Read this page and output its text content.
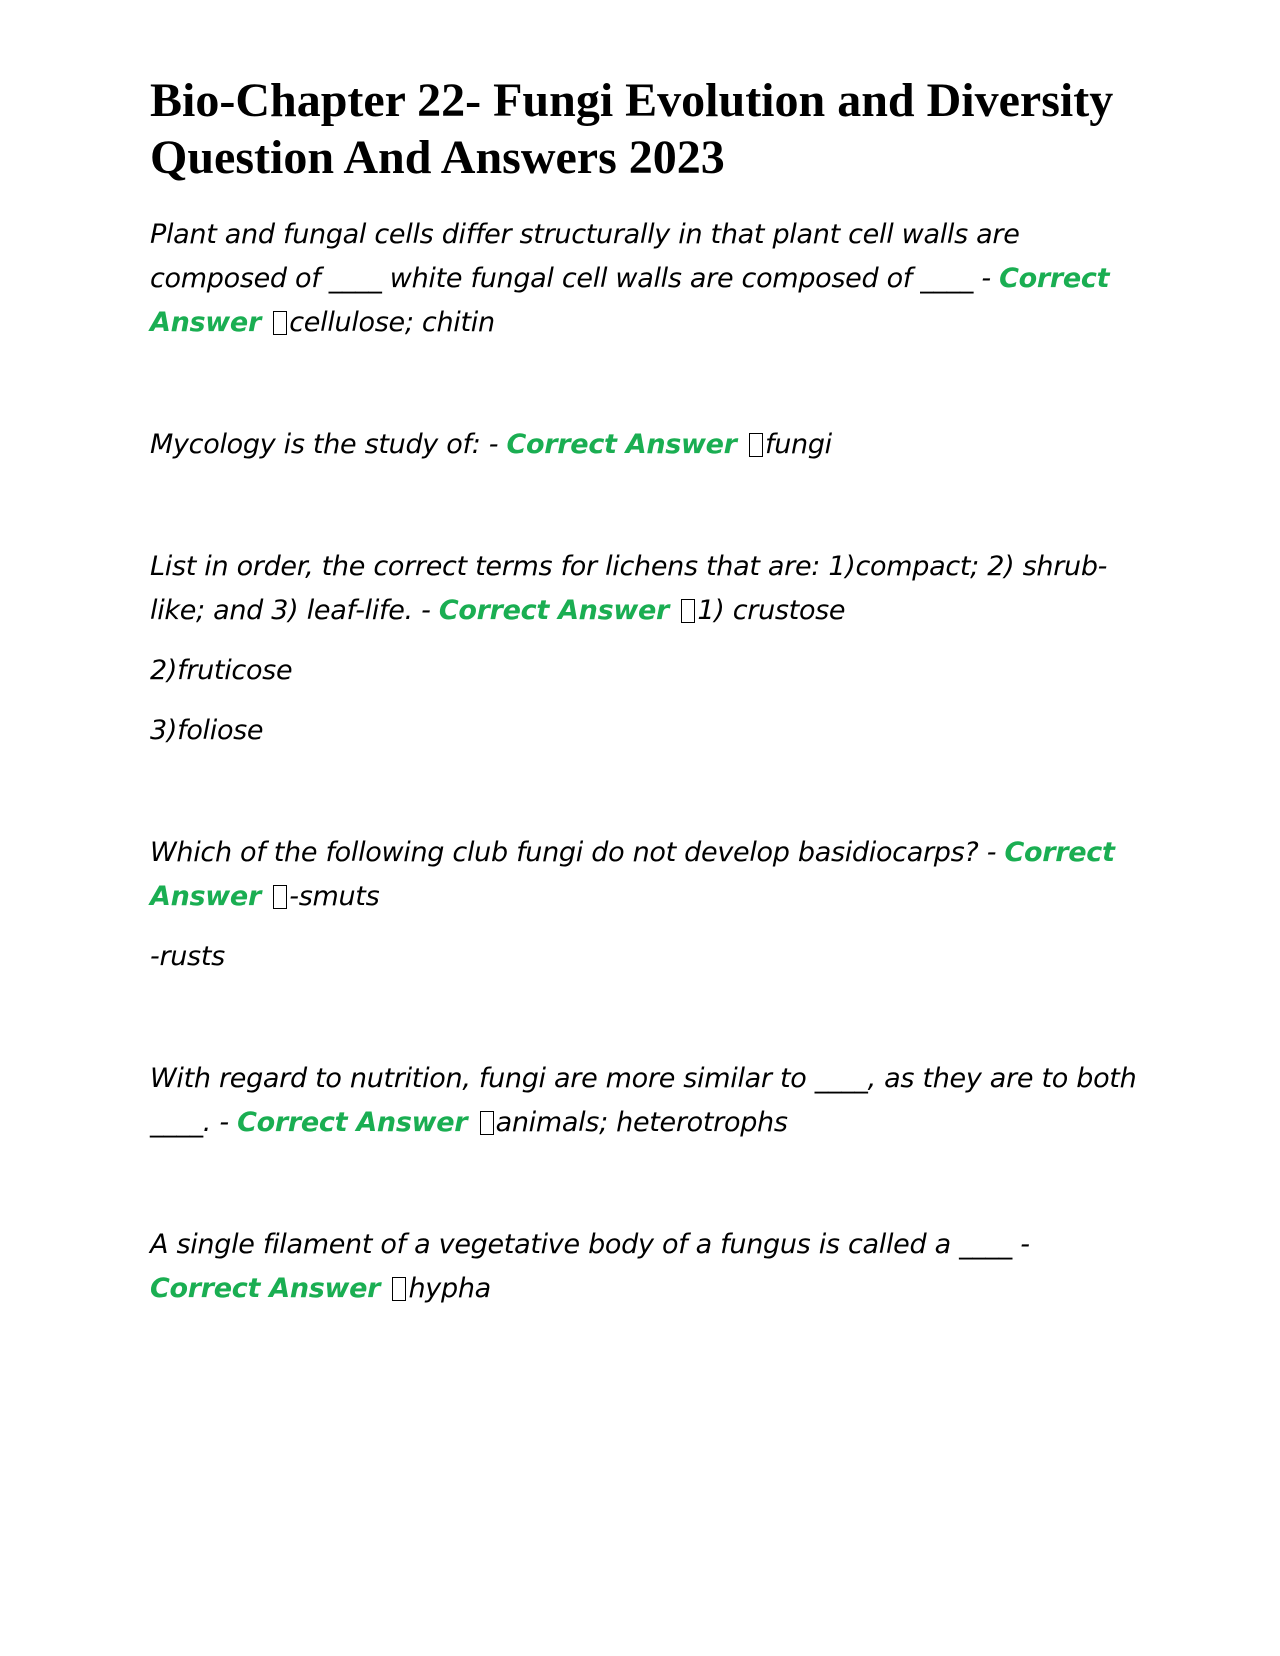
Bio-Chapter 22- Fungi Evolution and Diversity Question And Answers 2023

Plant and fungal cells differ structurally in that plant cell walls are composed of ____ white fungal cell walls are composed of ____ - Correct Answer cellulose; chitin

Mycology is the study of: - Correct Answer fungi

List in order, the correct terms for lichens that are: 1)compact; 2) shrub-like; and 3) leaf-life. - Correct Answer 1) crustose

2)fruticose

3)foliose

Which of the following club fungi do not develop basidiocarps? - Correct Answer -smuts

-rusts

With regard to nutrition, fungi are more similar to ____, as they are to both ____. - Correct Answer animals; heterotrophs

A single filament of a vegetative body of a fungus is called a ____ - Correct Answer hypha
